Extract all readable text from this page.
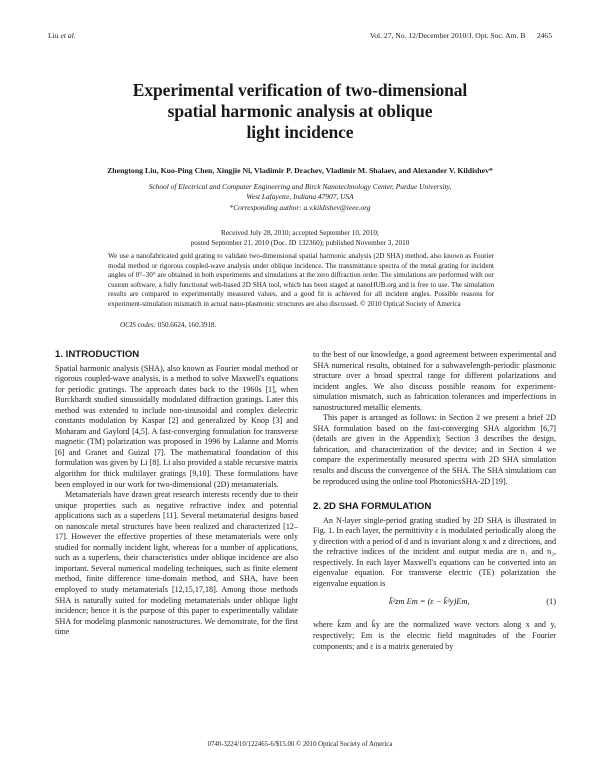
Liu et al.	Vol. 27, No. 12/December 2010/J. Opt. Soc. Am. B 2465
Experimental verification of two-dimensional
spatial harmonic analysis at oblique
light incidence
Zhengtong Liu, Kuo-Ping Chen, Xingjie Ni, Vladimir P. Drachev, Vladimir M. Shalaev, and Alexander V. Kildishev*
School of Electrical and Computer Engineering and Birck Nanotechnology Center, Purdue University,
West Lafayette, Indiana 47907, USA
*Corresponding author: a.v.kildishev@ieee.org
Received July 28, 2010; accepted September 10, 2010;
posted September 21, 2010 (Doc. ID 132360); published November 3, 2010
We use a nanofabricated gold grating to validate two-dimensional spatial harmonic analysis (2D SHA) method, also known as Fourier modal method or rigorous coupled-wave analysis under oblique incidence. The transmittance spectra of the metal grating for incident angles of 0°–30° are obtained in both experiments and simulations at the zero diffraction order. The simulations are performed with our custom software, a fully functional web-based 2D SHA tool, which has been staged at nanoHUB.org and is free to use. The simulation results are compared to experimentally measured values, and a good fit is achieved for all incident angles. Possible reasons for experiment-simulation mismatch in actual nano-plasmonic structures are also discussed. © 2010 Optical Society of America
OCIS codes: 050.6624, 160.3918.
1. INTRODUCTION

Spatial harmonic analysis (SHA), also known as Fourier modal method or rigorous coupled-wave analysis, is a method to solve Maxwell's equations for periodic gratings. The approach dates back to the 1960s [1], when Burckhardt studied sinusoidally modulated diffraction gratings. Later this method was extended to include non-sinusoidal and complex dielectric constants modulation by Kaspar [2] and generalized by Knop [3] and Moharam and Gaylord [4,5]. A fast-converging formulation for transverse magnetic (TM) polarization was proposed in 1996 by Lalanne and Morris [6] and Granet and Guizal [7]. The mathematical foundation of this formulation was given by Li [8]. Li also provided a stable recursive matrix algorithm for thick multilayer gratings [9,10]. These formulations have been employed in our work for two-dimensional (2D) metamaterials.

Metamaterials have drawn great research interests recently due to their unique properties such as negative refractive index and potential applications such as a superlens [11]. Several metamaterial designs based on nanoscale metal structures have been realized and characterized [12–17]. However the effective properties of these metamaterials were only studied for normally incident light, whereas for a number of applications, such as a superlens, their characteristics under oblique incidence are also important. Several numerical modeling techniques, such as finite element method, finite difference time-domain method, and SHA, have been employed to study metamaterials [12,15,17,18]. Among those methods SHA is naturally suited for modeling metamaterials under oblique light incidence; hence it is the purpose of this paper to experimentally validate SHA for modeling plasmonic nanostructures. We demonstrate, for the first time

to the best of our knowledge, a good agreement between experimental and SHA numerical results, obtained for a subwavelength-periodic plasmonic structure over a broad spectral range for different polarizations and incident angles. We also discuss possible reasons for experiment-simulation mismatch, such as fabrication tolerances and imperfections in nanostructured metallic elements.

This paper is arranged as follows: in Section 2 we present a brief 2D SHA formulation based on the fast-converging SHA algorithm [6,7] (details are given in the Appendix); Section 3 describes the design, fabrication, and characterization of the device; and in Section 4 we compare the experimentally measured spectra with 2D SHA simulation results and discuss the convergence of the SHA. The SHA simulations can be reproduced using the online tool PhotonicsSHA-2D [19].

2. 2D SHA FORMULATION

An N-layer single-period grating studied by 2D SHA is illustrated in Fig. 1. In each layer, the permittivity ε is modulated periodically along the y direction with a period of d and is invariant along x and z directions, and the refractive indices of the incident and output media are n₁ and n₂, respectively. In each layer Maxwell's equations can be converted into an eigenvalue equation. For transverse electric (TE) polarization the eigenvalue equation is

k̃²zm Em = (ε − k̃²y)Em,	(1)

where k̃zm and k̃y are the normalized wave vectors along x and y, respectively; Em is the electric field magnitudes of the Fourier components; and ε is a matrix generated by

0740-3224/10/122465-6/$15.00 © 2010 Optical Society of America
